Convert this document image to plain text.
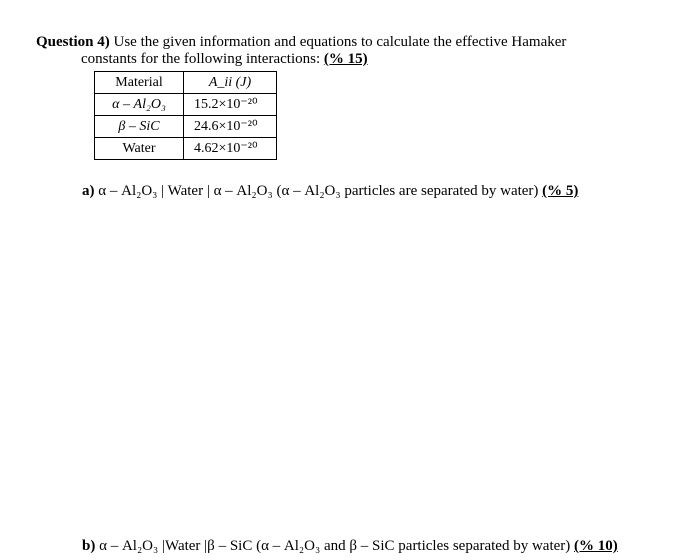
Question 4) Use the given information and equations to calculate the effective Hamaker
constants for the following interactions: (% 15)
Material	A_ii (J)
α – Al₂O₃	15.2×10⁻²⁰
β – SiC	24.6×10⁻²⁰
Water	4.62×10⁻²⁰
a) α – Al₂O₃ | Water | α – Al₂O₃ (α – Al₂O₃ particles are separated by water) (% 5)
b) α – Al₂O₃ |Water |β – SiC (α – Al₂O₃ and β – SiC particles separated by water) (% 10)
